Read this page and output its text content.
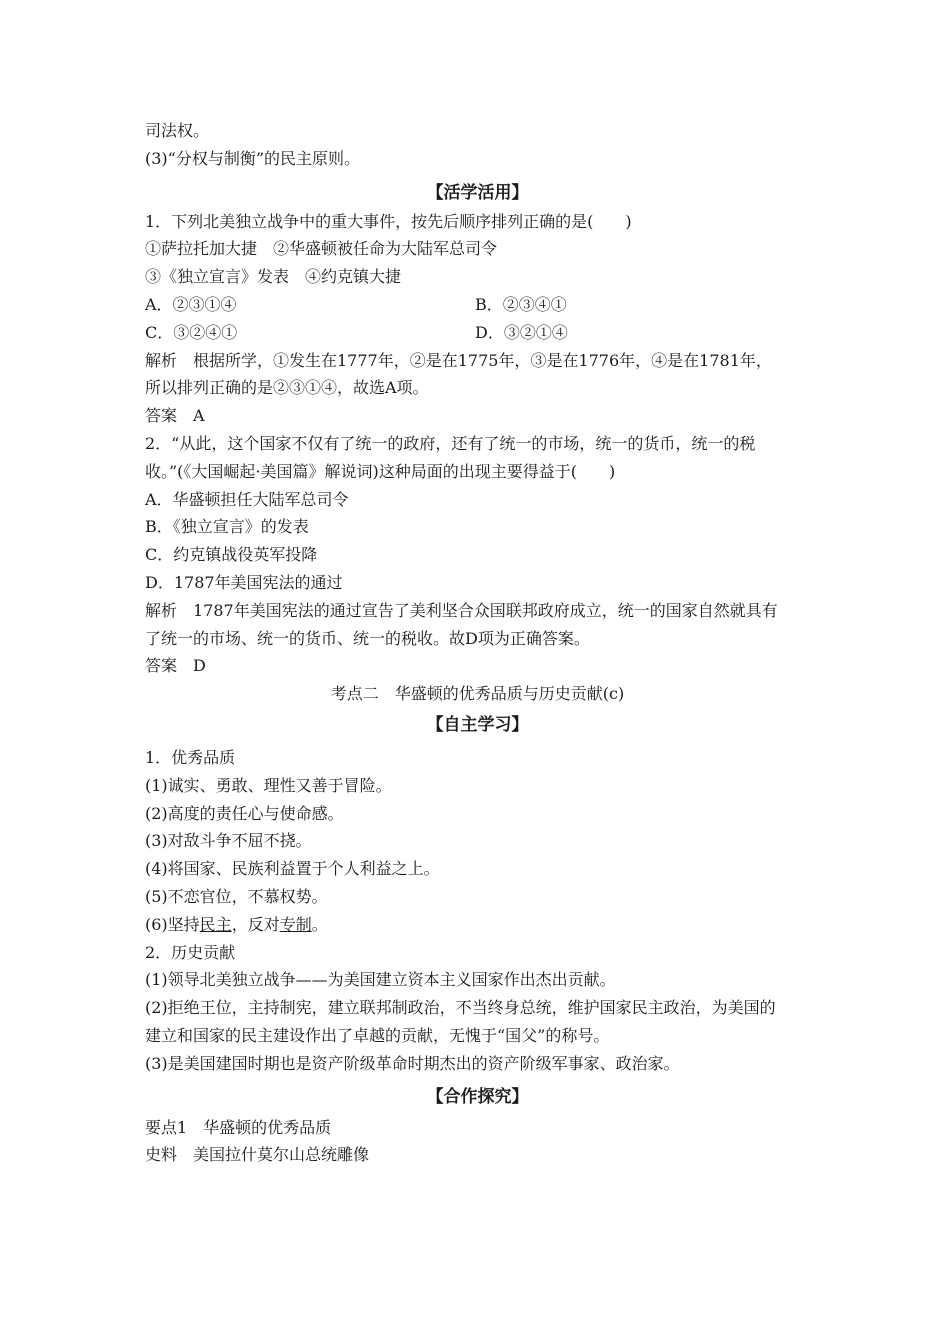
司法权。
(3)“分权与制衡”的民主原则。
【活学活用】
1．下列北美独立战争中的重大事件，按先后顺序排列正确的是(　　)
①萨拉托加大捷　②华盛顿被任命为大陆军总司令
③《独立宣言》发表　④约克镇大捷
A．②③①④	B．②③④①
C．③②④①	D．③②①④
解析　根据所学，①发生在1777年，②是在1775年，③是在1776年，④是在1781年，
所以排列正确的是②③①④，故选A项。
答案　A
2．“从此，这个国家不仅有了统一的政府，还有了统一的市场，统一的货币，统一的税
收。”(《大国崛起·美国篇》解说词)这种局面的出现主要得益于(　　)
A．华盛顿担任大陆军总司令
B．《独立宣言》的发表
C．约克镇战役英军投降
D．1787年美国宪法的通过
解析　1787年美国宪法的通过宣告了美利坚合众国联邦政府成立，统一的国家自然就具有
了统一的市场、统一的货币、统一的税收。故D项为正确答案。
答案　D
考点二　华盛顿的优秀品质与历史贡献(c)
【自主学习】
1．优秀品质
(1)诚实、勇敢、理性又善于冒险。
(2)高度的责任心与使命感。
(3)对敌斗争不屈不挠。
(4)将国家、民族利益置于个人利益之上。
(5)不恋官位，不慕权势。
(6)坚持民主，反对专制。
2．历史贡献
(1)领导北美独立战争——为美国建立资本主义国家作出杰出贡献。
(2)拒绝王位，主持制宪，建立联邦制政治，不当终身总统，维护国家民主政治，为美国的
建立和国家的民主建设作出了卓越的贡献，无愧于“国父”的称号。
(3)是美国建国时期也是资产阶级革命时期杰出的资产阶级军事家、政治家。
【合作探究】
要点1　华盛顿的优秀品质
史料　美国拉什莫尔山总统雕像
